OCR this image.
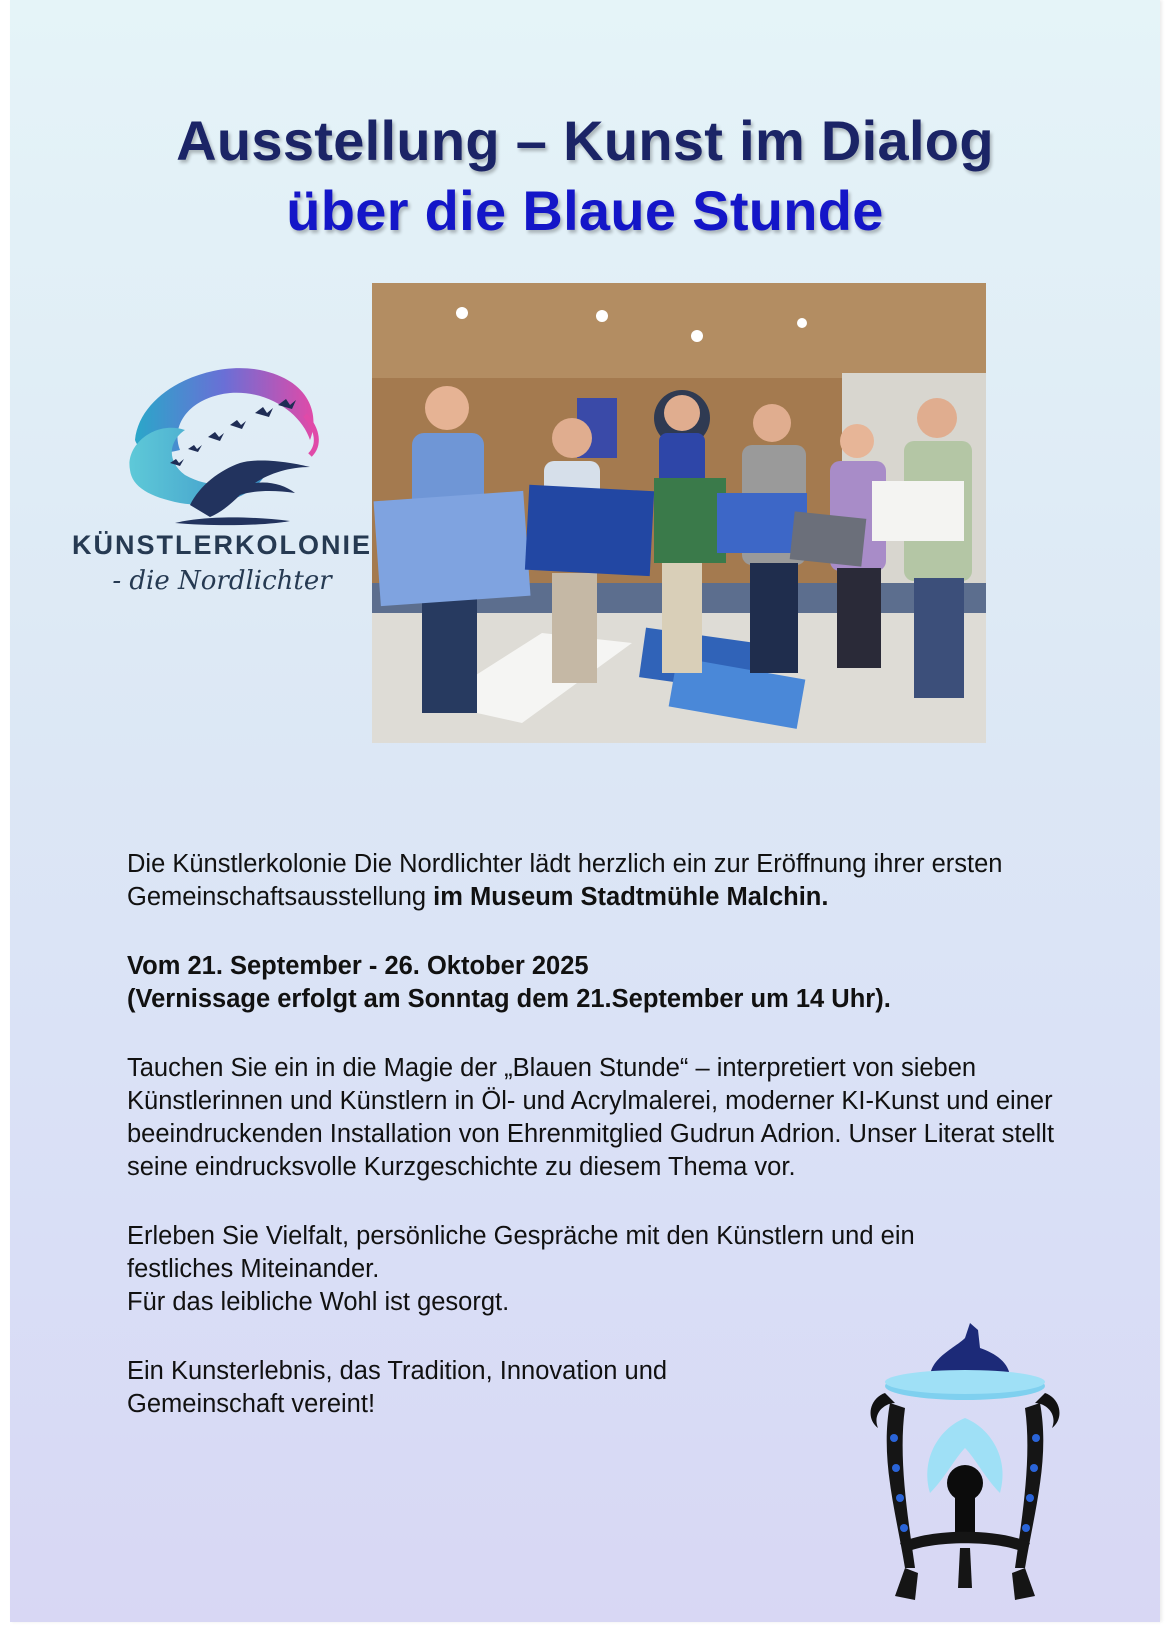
Ausstellung – Kunst im Dialog
über die Blaue Stunde
KÜNSTLERKOLONIE
- die Nordlichter

Die Künstlerkolonie Die Nordlichter lädt herzlich ein zur Eröffnung ihrer ersten Gemeinschaftsausstellung im Museum Stadtmühle Malchin.

Vom 21. September - 26. Oktober 2025
(Vernissage erfolgt am Sonntag dem 21.September um 14 Uhr).

Tauchen Sie ein in die Magie der „Blauen Stunde“ – interpretiert von sieben Künstlerinnen und Künstlern in Öl- und Acrylmalerei, moderner KI-Kunst und einer beeindruckenden Installation von Ehrenmitglied Gudrun Adrion. Unser Literat stellt seine eindrucksvolle Kurzgeschichte zu diesem Thema vor.

Erleben Sie Vielfalt, persönliche Gespräche mit den Künstlern und ein festliches Miteinander.
Für das leibliche Wohl ist gesorgt.

Ein Kunsterlebnis, das Tradition, Innovation und
Gemeinschaft vereint!
